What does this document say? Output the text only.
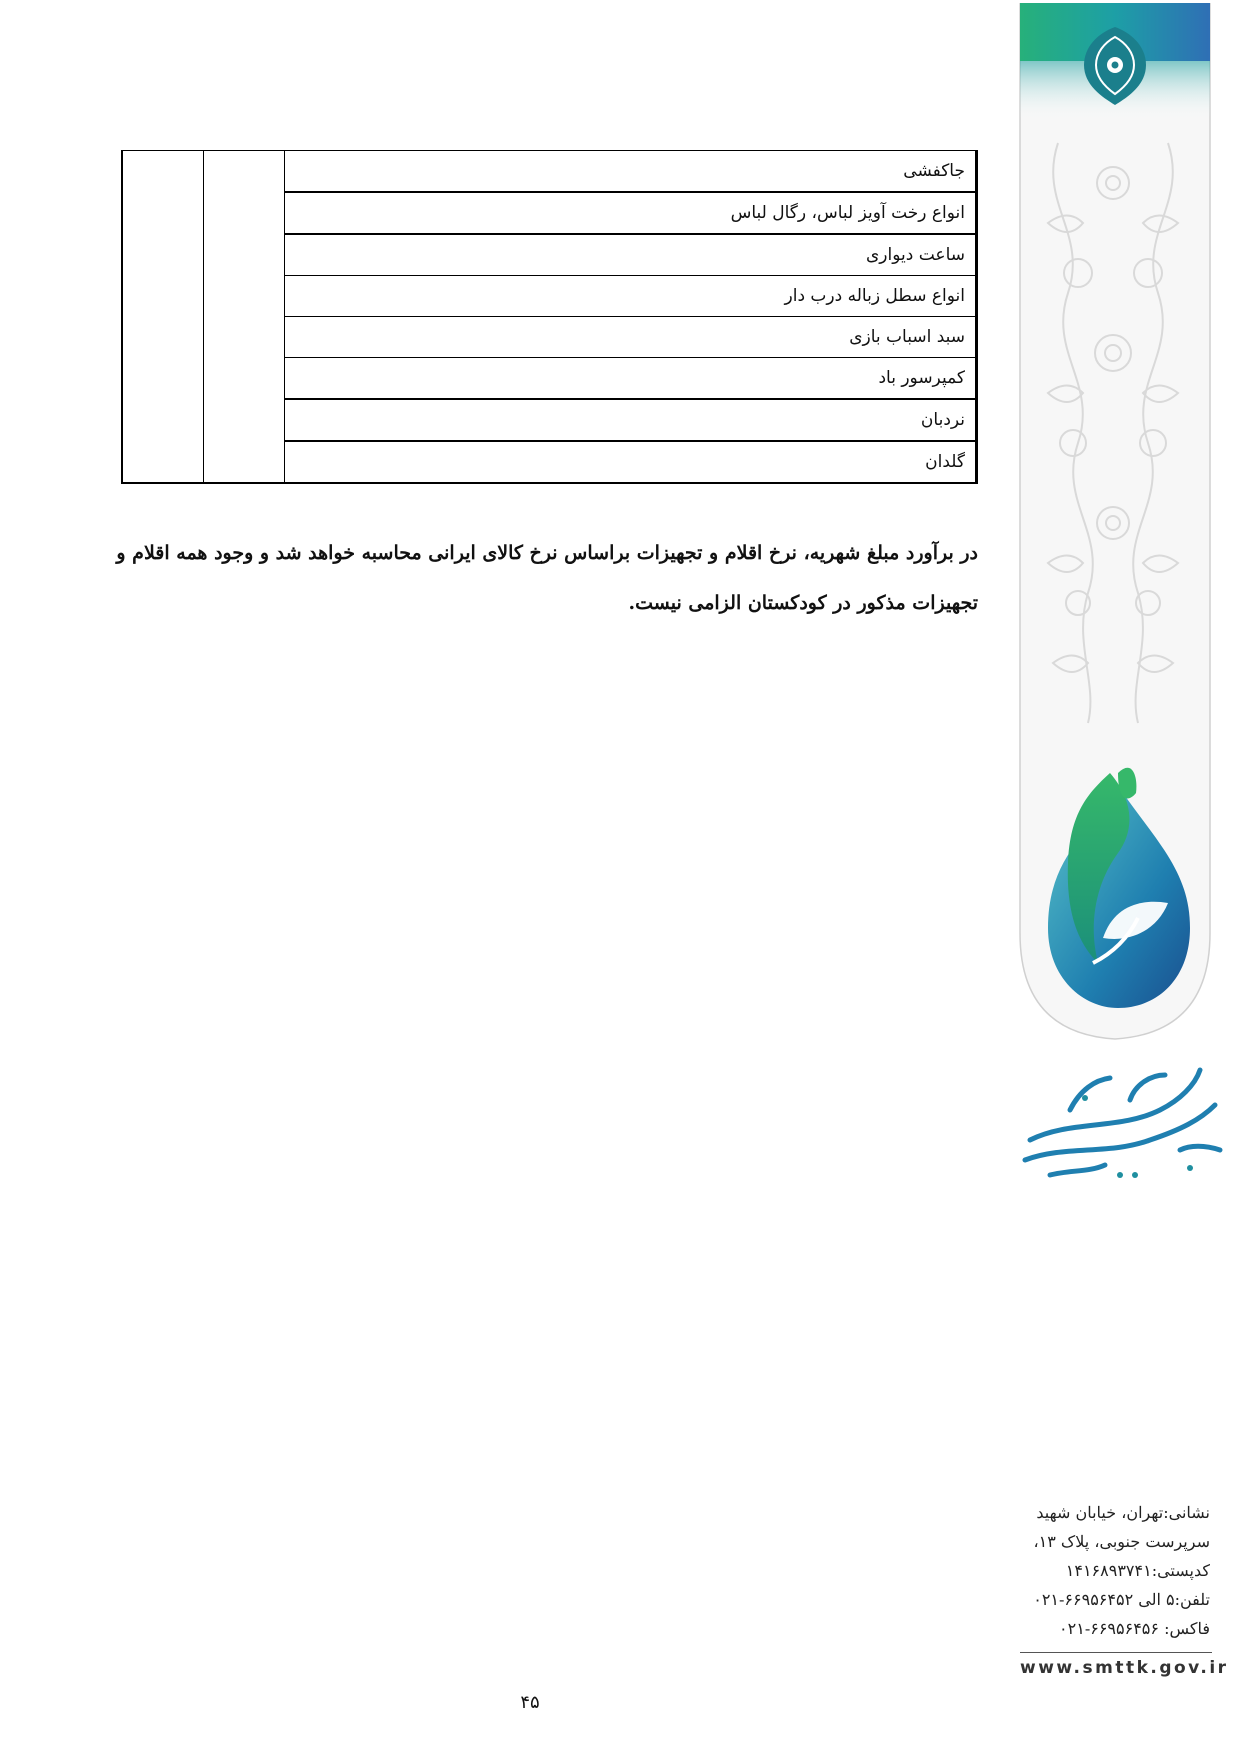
جاکفشی		
انواع رخت آویز لباس، رگال لباس
ساعت دیواری
انواع سطل زباله درب دار
سبد اسباب بازی
کمپرسور باد
نردبان
گلدان

در برآورد مبلغ شهریه، نرخ اقلام و تجهیزات براساس نرخ کالای ایرانی محاسبه خواهد شد و وجود همه اقلام و تجهیزات مذکور در کودکستان الزامی نیست.

نشانی:تهران، خیابان شهید
سرپرست جنوبی، پلاک ۱۳،
کدپستی:۱۴۱۶۸۹۳۷۴۱
تلفن:۵ الی ۶۶۹۵۶۴۵۲-۰۲۱
فاکس: ۶۶۹۵۶۴۵۶-۰۲۱
www.smttk.gov.ir
۴۵
